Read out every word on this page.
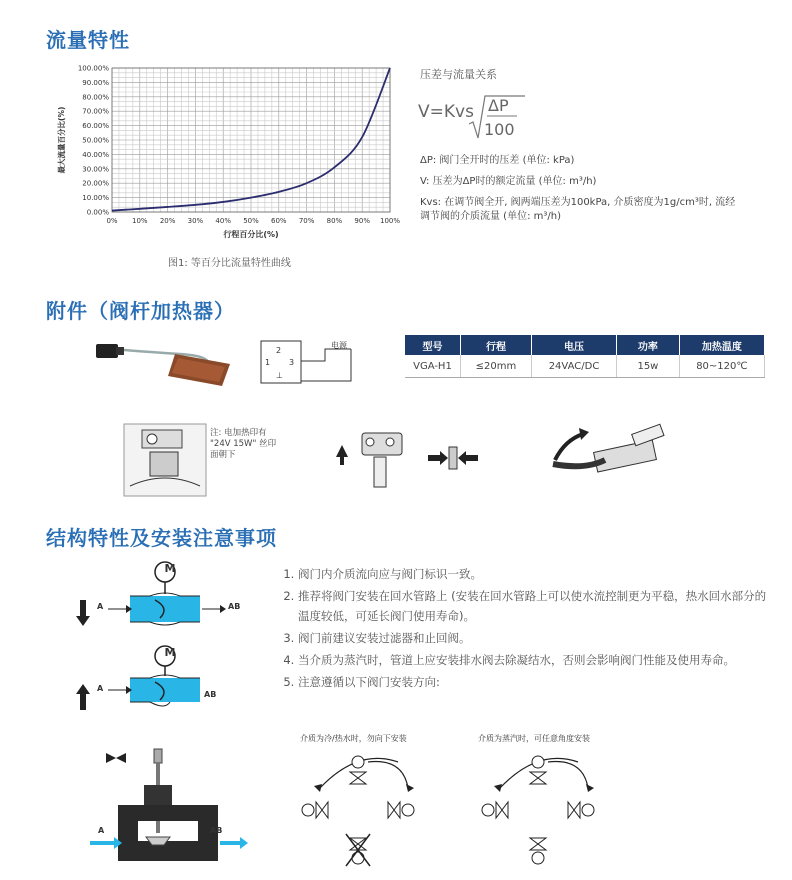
流量特性
附件（阀杆加热器）
结构特性及安装注意事项
0% 10% 20% 30% 40% 50% 60% 70% 80% 90% 100%
0.00%
10.00%
20.00%
30.00%
40.00%
50.00%
60.00%
70.00%
80.00%
90.00%
100.00%
行程百分比(%)
最大流量百分比(%)
图1: 等百分比流量特性曲线
压差与流量关系
V=Kvs ΔP
100
ΔP: 阀门全开时的压差 (单位: kPa)
V: 压差为ΔP时的额定流量 (单位: m³/h)
Kvs: 在调节阀全开, 阀两端压差为100kPa, 介质密度为1g/cm³时, 流经
调节阀的介质流量 (单位: m³/h)
2
1 3
⊥
电源	型号	行程	电压	功率	加热温度
VGA-H1	≤20mm	24VAC/DC	15w	80~120℃
注: 电加热印有
"24V 15W" 丝印
面朝下
M
M
A	AB
A
AB
A	AB
1. 阀门内介质流向应与阀门标识一致。
2. 推荐将阀门安装在回水管路上 (安装在回水管路上可以使水流控制更为平稳，热水回水部分的温度较低，可延长阀门使用寿命)。
3. 阀门前建议安装过滤器和止回阀。
4. 当介质为蒸汽时，管道上应安装排水阀去除凝结水，否则会影响阀门性能及使用寿命。
5. 注意遵循以下阀门安装方向:
介质为冷/热水时，勿向下安装	介质为蒸汽时，可任意角度安装
